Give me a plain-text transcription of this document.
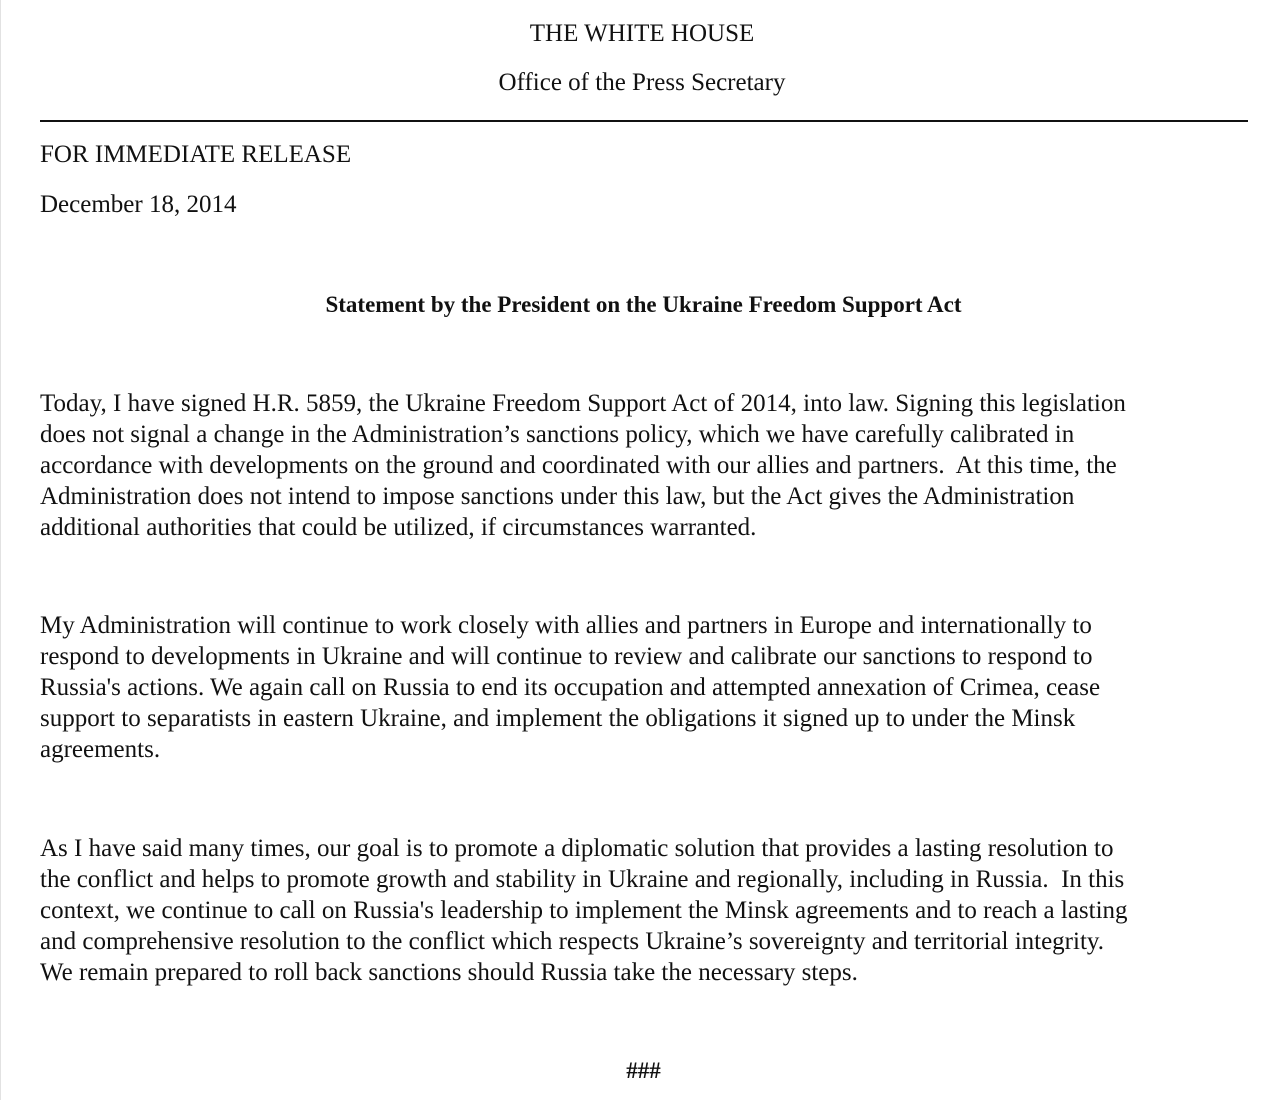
THE WHITE HOUSE
Office of the Press Secretary
FOR IMMEDIATE RELEASE
December 18, 2014
Statement by the President on the Ukraine Freedom Support Act
Today, I have signed H.R. 5859, the Ukraine Freedom Support Act of 2014, into law. Signing this legislation
does not signal a change in the Administration’s sanctions policy, which we have carefully calibrated in
accordance with developments on the ground and coordinated with our allies and partners.  At this time, the
Administration does not intend to impose sanctions under this law, but the Act gives the Administration
additional authorities that could be utilized, if circumstances warranted.
My Administration will continue to work closely with allies and partners in Europe and internationally to
respond to developments in Ukraine and will continue to review and calibrate our sanctions to respond to
Russia's actions. We again call on Russia to end its occupation and attempted annexation of Crimea, cease
support to separatists in eastern Ukraine, and implement the obligations it signed up to under the Minsk
agreements.
As I have said many times, our goal is to promote a diplomatic solution that provides a lasting resolution to
the conflict and helps to promote growth and stability in Ukraine and regionally, including in Russia.  In this
context, we continue to call on Russia's leadership to implement the Minsk agreements and to reach a lasting
and comprehensive resolution to the conflict which respects Ukraine’s sovereignty and territorial integrity.
We remain prepared to roll back sanctions should Russia take the necessary steps.
###
